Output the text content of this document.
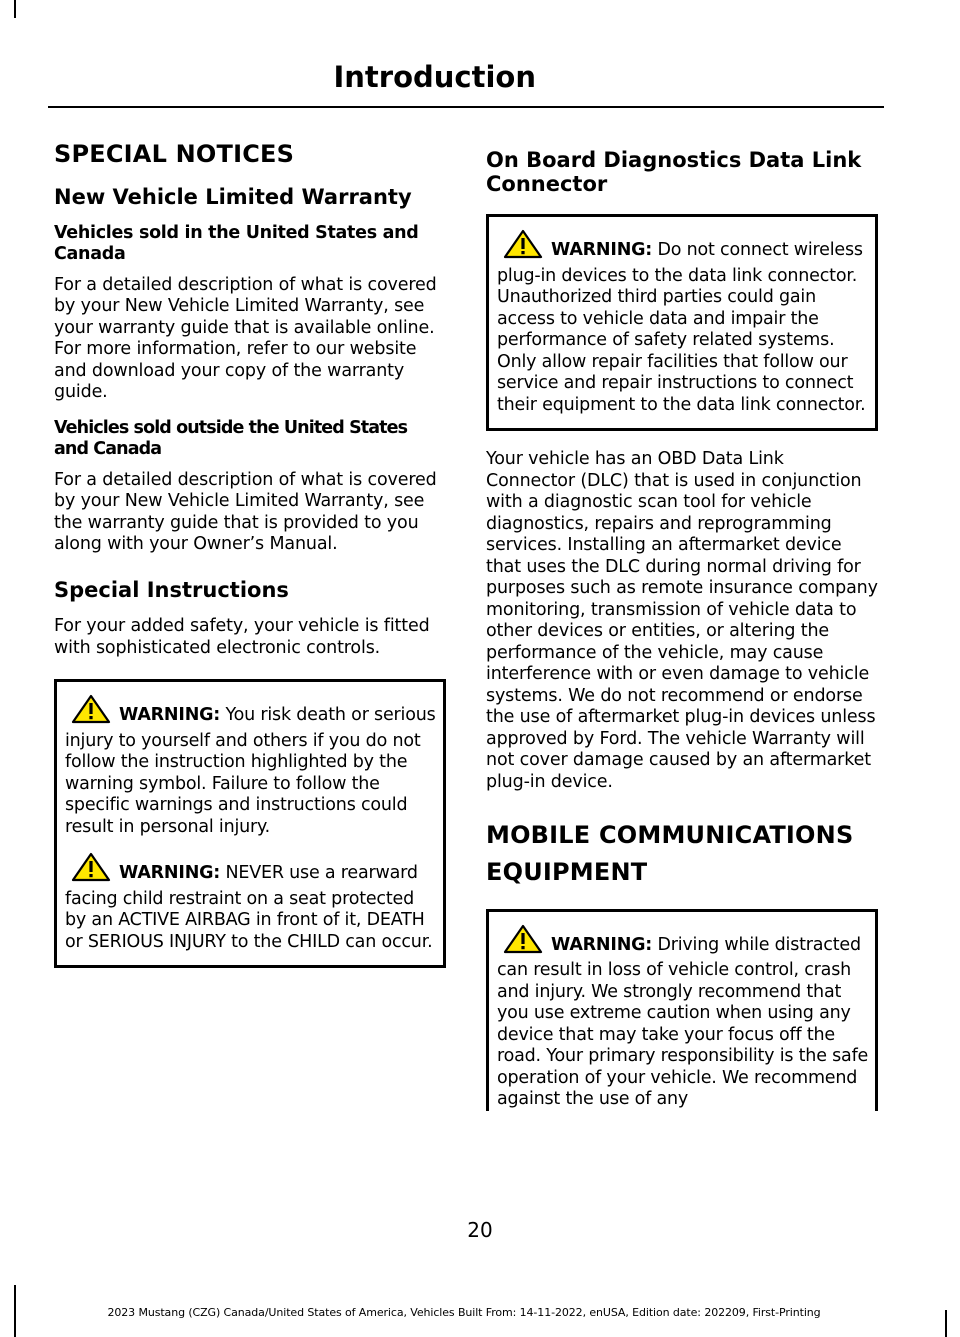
Introduction
SPECIAL NOTICES
New Vehicle Limited Warranty
Vehicles sold in the United States and Canada

For a detailed description of what is covered by your New Vehicle Limited Warranty, see your warranty guide that is available online. For more information, refer to our website and download your copy of the warranty guide.

Vehicles sold outside the United States and Canada

For a detailed description of what is covered by your New Vehicle Limited Warranty, see the warranty guide that is provided to you along with your Owner’s Manual.

Special Instructions

For your added safety, your vehicle is fitted with sophisticated electronic controls.

WARNING: You risk death or serious injury to yourself and others if you do not follow the instruction highlighted by the warning symbol. Failure to follow the specific warnings and instructions could result in personal injury.
WARNING: NEVER use a rearward facing child restraint on a seat protected by an ACTIVE AIRBAG in front of it, DEATH or SERIOUS INJURY to the CHILD can occur.
On Board Diagnostics Data Link Connector
WARNING: Do not connect wireless plug-in devices to the data link connector. Unauthorized third parties could gain access to vehicle data and impair the performance of safety related systems. Only allow repair facilities that follow our service and repair instructions to connect their equipment to the data link connector.

Your vehicle has an OBD Data Link Connector (DLC) that is used in conjunction with a diagnostic scan tool for vehicle diagnostics, repairs and reprogramming services. Installing an aftermarket device that uses the DLC during normal driving for purposes such as remote insurance company monitoring, transmission of vehicle data to other devices or entities, or altering the performance of the vehicle, may cause interference with or even damage to vehicle systems. We do not recommend or endorse the use of aftermarket plug-in devices unless approved by Ford. The vehicle Warranty will not cover damage caused by an aftermarket plug-in device.

MOBILE COMMUNICATIONS
EQUIPMENT
WARNING: Driving while distracted can result in loss of vehicle control, crash and injury. We strongly recommend that you use extreme caution when using any device that may take your focus off the road. Your primary responsibility is the safe operation of your vehicle. We recommend against the use of any
20
2023 Mustang (CZG) Canada/United States of America, Vehicles Built From: 14-11-2022, enUSA, Edition date: 202209, First-Printing
